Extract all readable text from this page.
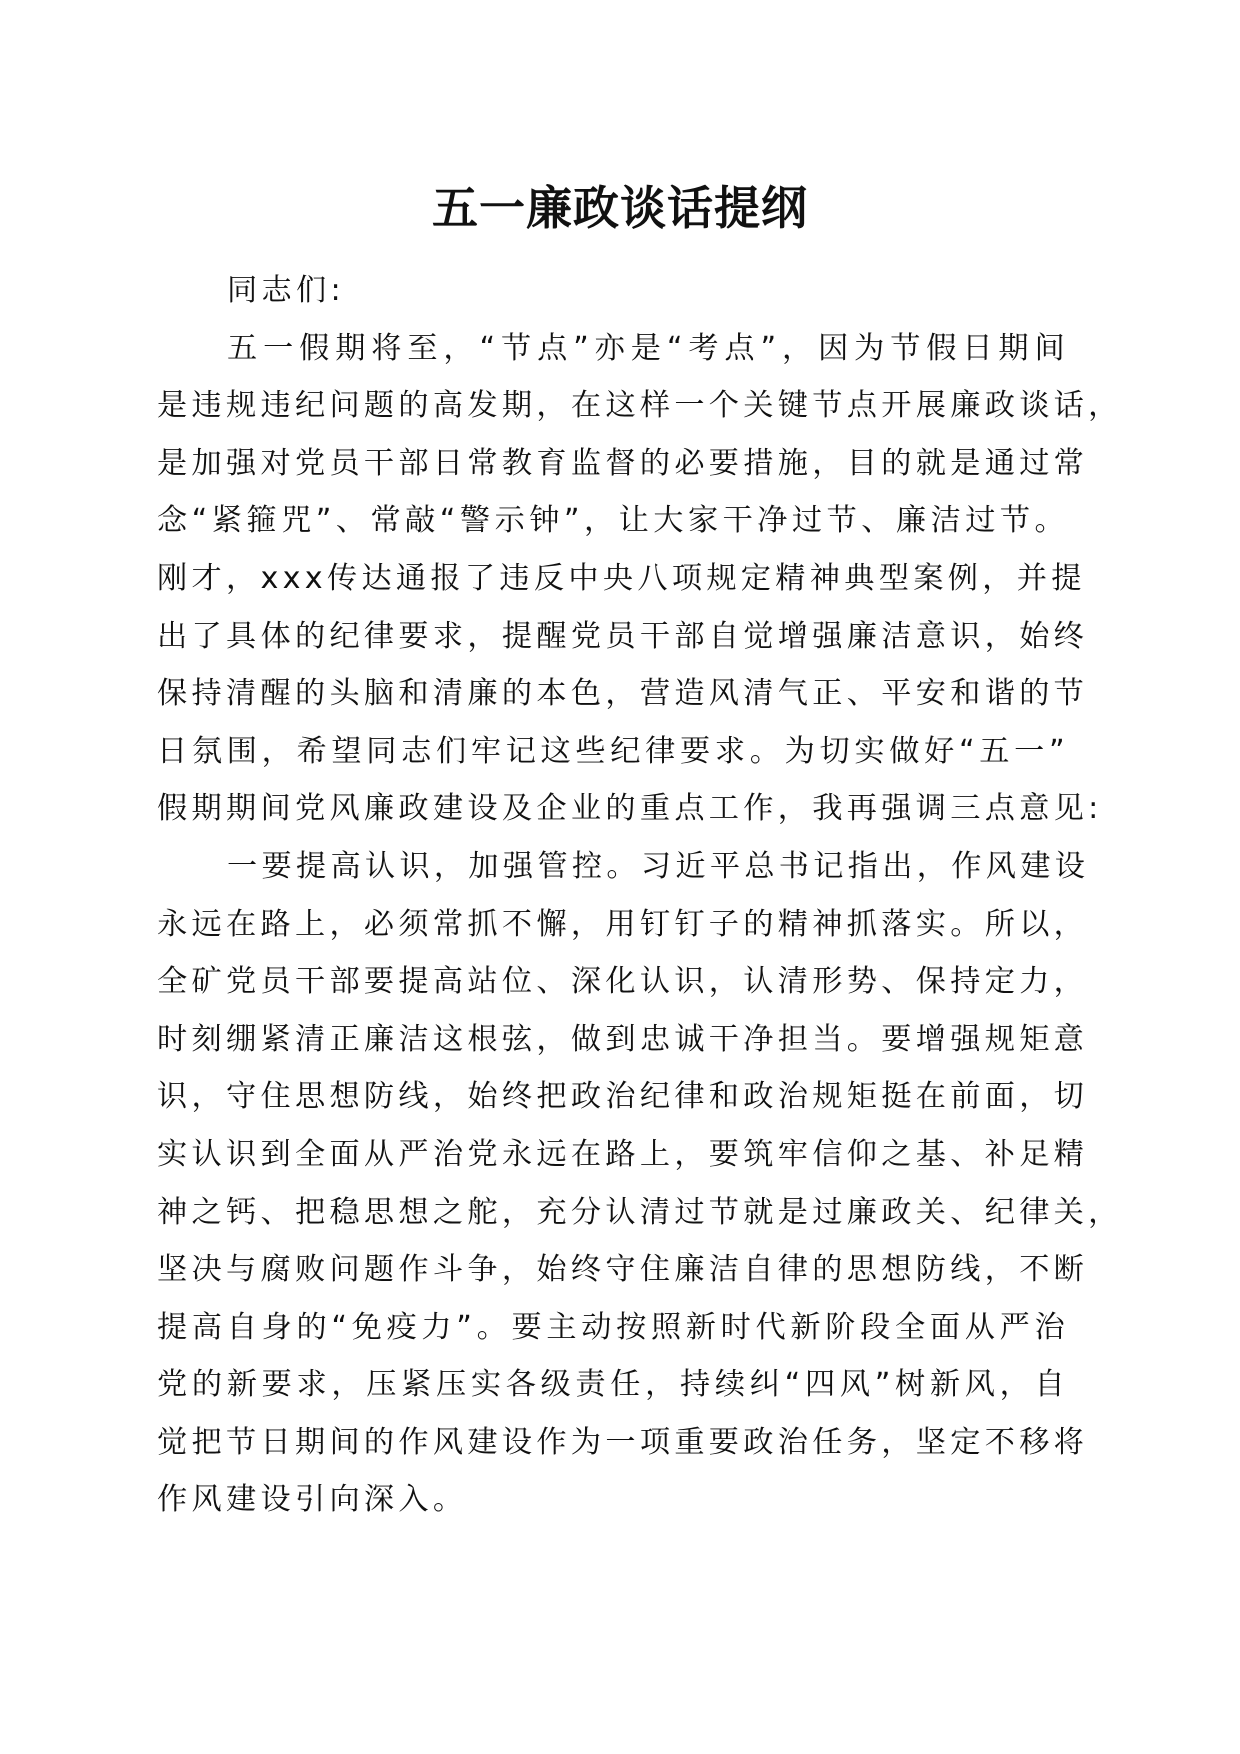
五一廉政谈话提纲
同志们:
五一假期将至，“节点”亦是“考点”，因为节假日期间
是违规违纪问题的高发期，在这样一个关键节点开展廉政谈话，
是加强对党员干部日常教育监督的必要措施，目的就是通过常
念“紧箍咒”、常敲“警示钟”，让大家干净过节、廉洁过节。
刚才，xxx传达通报了违反中央八项规定精神典型案例，并提
出了具体的纪律要求，提醒党员干部自觉增强廉洁意识，始终
保持清醒的头脑和清廉的本色，营造风清气正、平安和谐的节
日氛围，希望同志们牢记这些纪律要求。为切实做好“五一”
假期期间党风廉政建设及企业的重点工作，我再强调三点意见:
一要提高认识，加强管控。习近平总书记指出，作风建设
永远在路上，必须常抓不懈，用钉钉子的精神抓落实。所以，
全矿党员干部要提高站位、深化认识，认清形势、保持定力，
时刻绷紧清正廉洁这根弦，做到忠诚干净担当。要增强规矩意
识，守住思想防线，始终把政治纪律和政治规矩挺在前面，切
实认识到全面从严治党永远在路上，要筑牢信仰之基、补足精
神之钙、把稳思想之舵，充分认清过节就是过廉政关、纪律关，
坚决与腐败问题作斗争，始终守住廉洁自律的思想防线，不断
提高自身的“免疫力”。要主动按照新时代新阶段全面从严治
党的新要求，压紧压实各级责任，持续纠“四风”树新风，自
觉把节日期间的作风建设作为一项重要政治任务，坚定不移将
作风建设引向深入。
